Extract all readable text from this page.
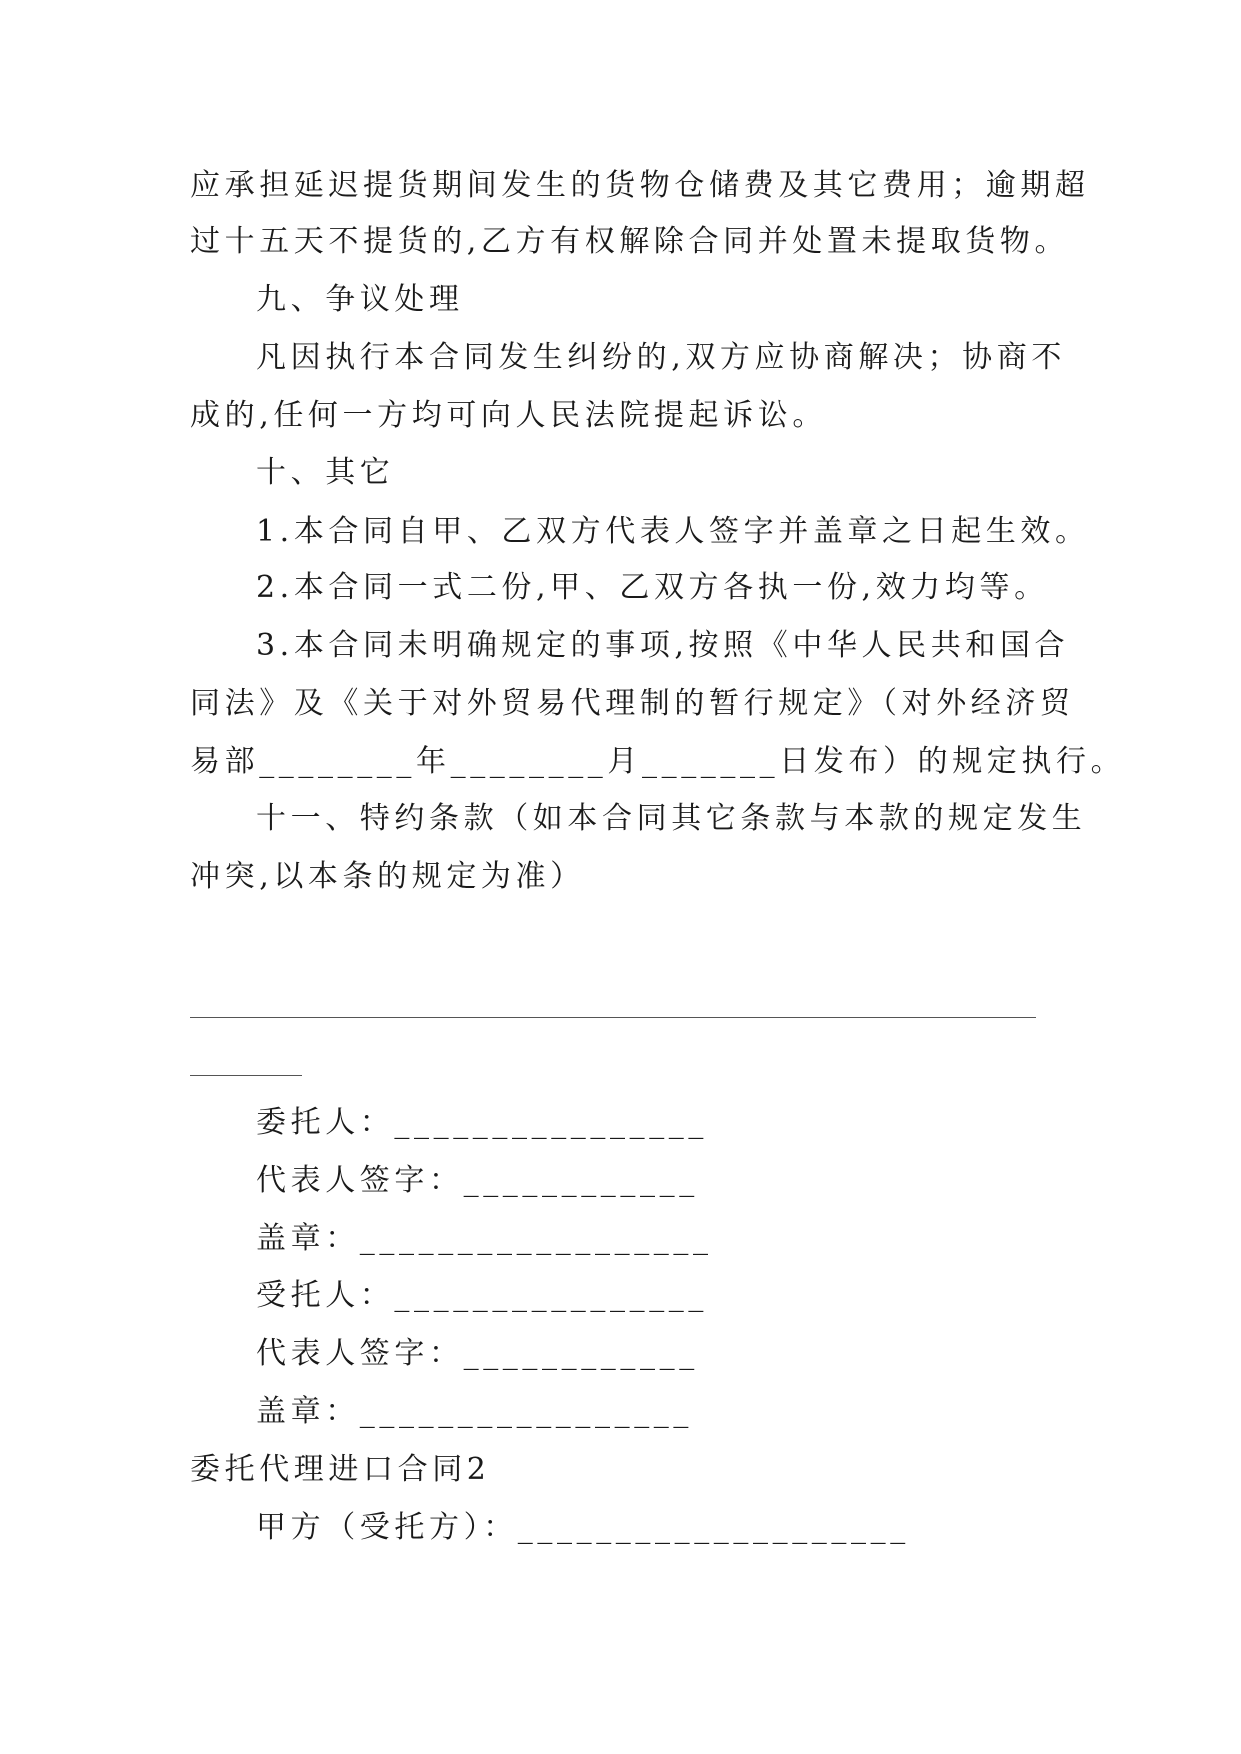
应承担延迟提货期间发生的货物仓储费及其它费用；逾期超
过十五天不提货的,乙方有权解除合同并处置未提取货物。
九、争议处理
凡因执行本合同发生纠纷的,双方应协商解决；协商不
成的,任何一方均可向人民法院提起诉讼。
十、其它
1.本合同自甲、乙双方代表人签字并盖章之日起生效。
2.本合同一式二份,甲、乙双方各执一份,效力均等。
3.本合同未明确规定的事项,按照《中华人民共和国合
同法》及《关于对外贸易代理制的暂行规定》（对外经济贸
易部________年________月_______日发布）的规定执行。
十一、特约条款（如本合同其它条款与本款的规定发生
冲突,以本条的规定为准）
委托人：________________
代表人签字：____________
盖章：__________________
受托人：________________
代表人签字：____________
盖章：_________________
委托代理进口合同2
甲方（受托方）：____________________
